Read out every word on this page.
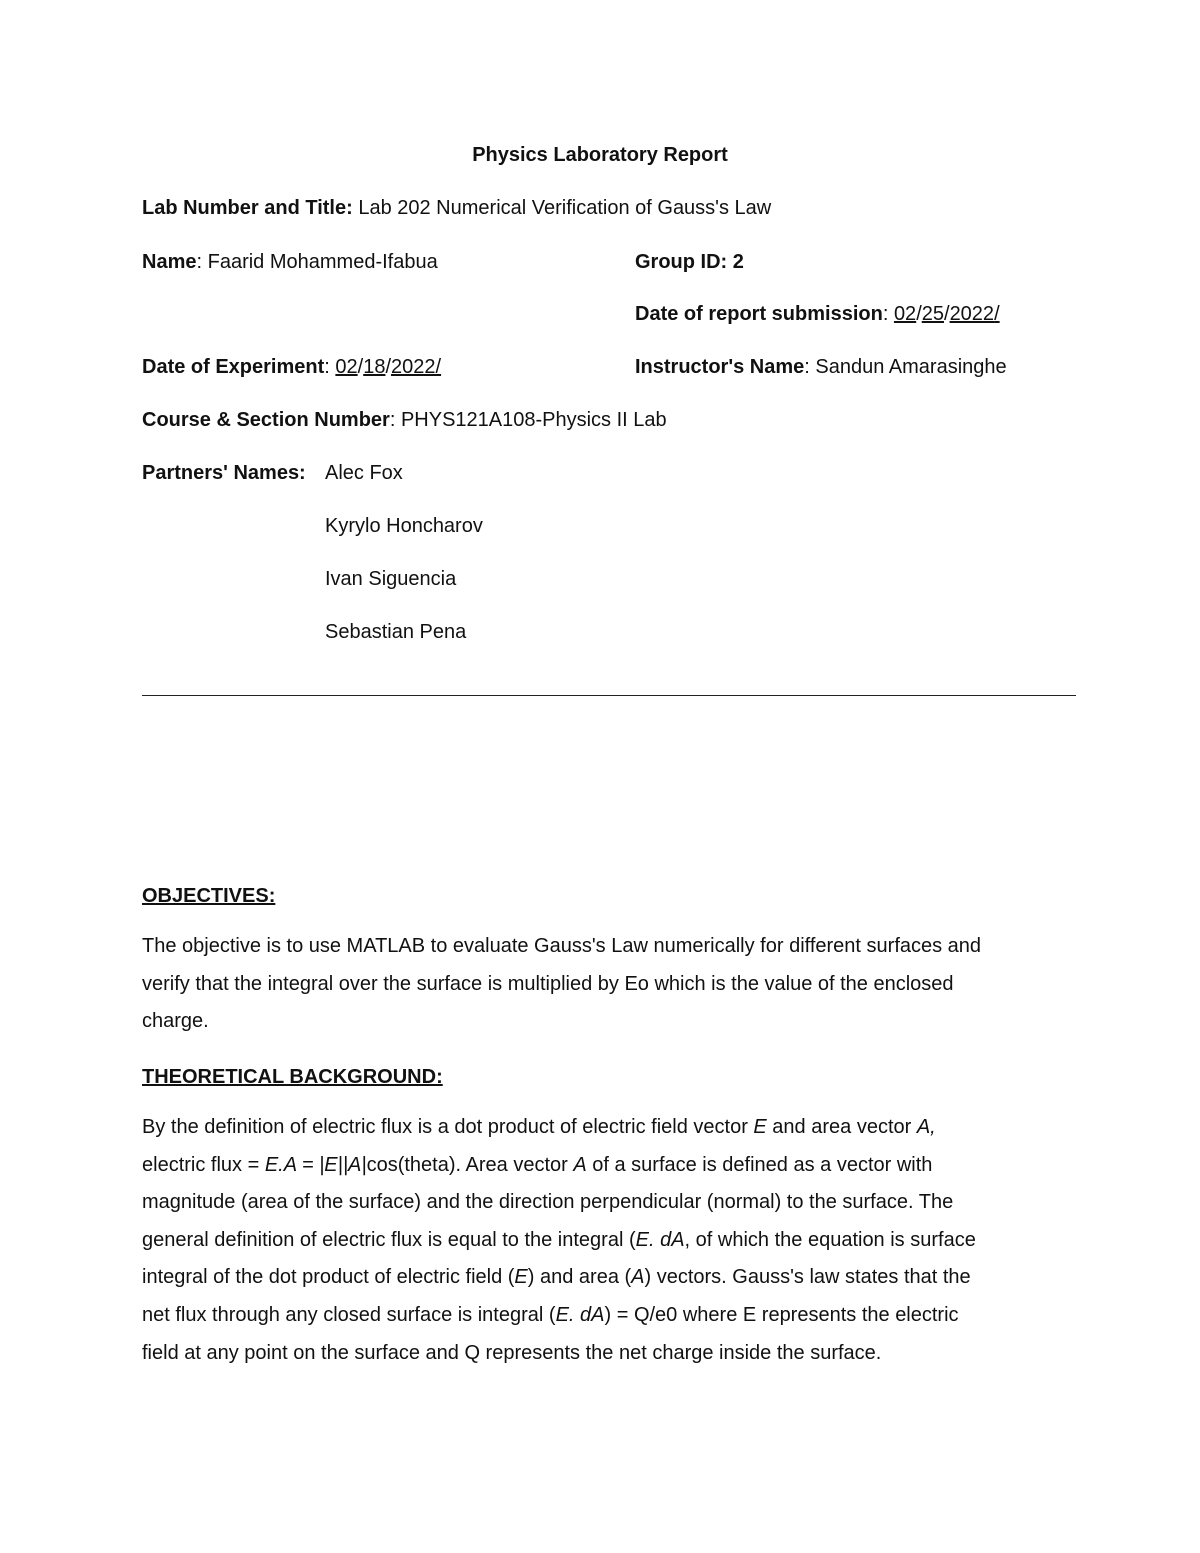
Physics Laboratory Report
Lab Number and Title: Lab 202 Numerical Verification of Gauss's Law
Name: Faarid Mohammed-Ifabua	Group ID: 2
Date of report submission: 02/25/2022/
Date of Experiment: 02/18/2022/	Instructor's Name: Sandun Amarasinghe
Course & Section Number: PHYS121A108-Physics II Lab
Partners' Names: Alec Fox
Kyrylo Honcharov
Ivan Siguencia
Sebastian Pena
OBJECTIVES:
The objective is to use MATLAB to evaluate Gauss's Law numerically for different surfaces and
verify that the integral over the surface is multiplied by Eo which is the value of the enclosed
charge.
THEORETICAL BACKGROUND:
By the definition of electric flux is a dot product of electric field vector E and area vector A,
electric flux = E.A = |E||A|cos(theta). Area vector A of a surface is defined as a vector with
magnitude (area of the surface) and the direction perpendicular (normal) to the surface. The
general definition of electric flux is equal to the integral (E. dA, of which the equation is surface
integral of the dot product of electric field (E) and area (A) vectors. Gauss's law states that the
net flux through any closed surface is integral (E. dA) = Q/e0 where E represents the electric
field at any point on the surface and Q represents the net charge inside the surface.
